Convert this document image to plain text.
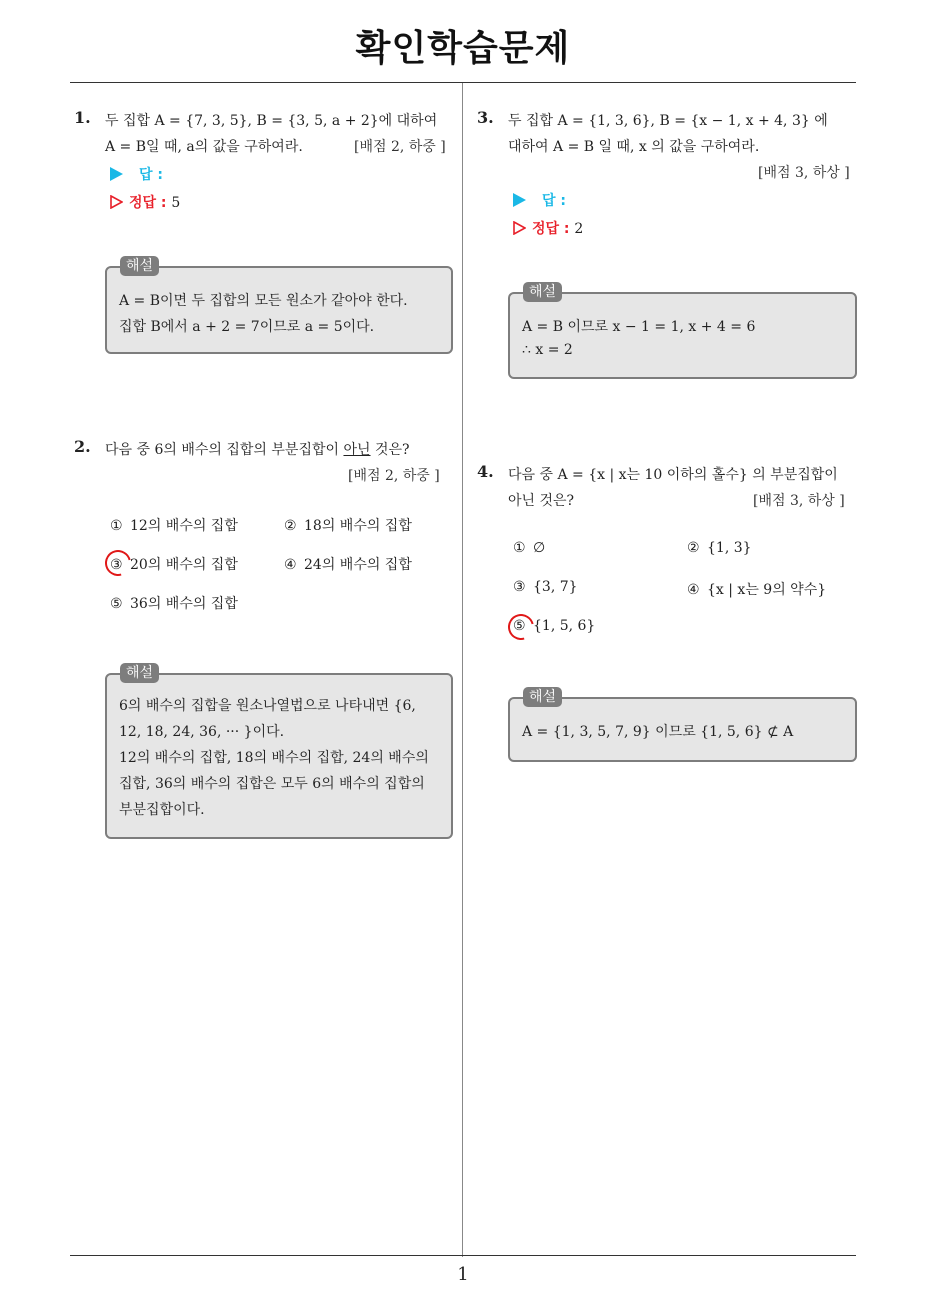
확인학습문제
1. 두 집합 A = {7, 3, 5}, B = {3, 5, a + 2}에 대하여
A = B일 때, a의 값을 구하여라.	[배점 2, 하중 ]
답 :
정답 : 5
A = B이면 두 집합의 모든 원소가 같아야 한다.
집합 B에서 a + 2 = 7이므로 a = 5이다.
해설
2. 다음 중 6의 배수의 집합의 부분집합이 아닌 것은?
[배점 2, 하중 ]
① 12의 배수의 집합	② 18의 배수의 집합
③ 20의 배수의 집합	④ 24의 배수의 집합
⑤ 36의 배수의 집합
6의 배수의 집합을 원소나열법으로 나타내면 {6,
12, 18, 24, 36, ··· }이다.
12의 배수의 집합, 18의 배수의 집합, 24의 배수의
집합, 36의 배수의 집합은 모두 6의 배수의 집합의
부분집합이다.
해설
3. 두 집합 A = {1, 3, 6}, B = {x − 1, x + 4, 3} 에
대하여 A = B 일 때, x 의 값을 구하여라.
[배점 3, 하상 ]
답 :
정답 : 2
A = B 이므로 x − 1 = 1, x + 4 = 6
∴ x = 2
해설
4. 다음 중 A = {x | x는 10 이하의 홀수} 의 부분집합이
아닌 것은?	[배점 3, 하상 ]
① ∅	② {1, 3}
③ {3, 7}	④ {x | x는 9의 약수}
⑤ {1, 5, 6}
A = {1, 3, 5, 7, 9} 이므로 {1, 5, 6} ⊄ A
해설
1
